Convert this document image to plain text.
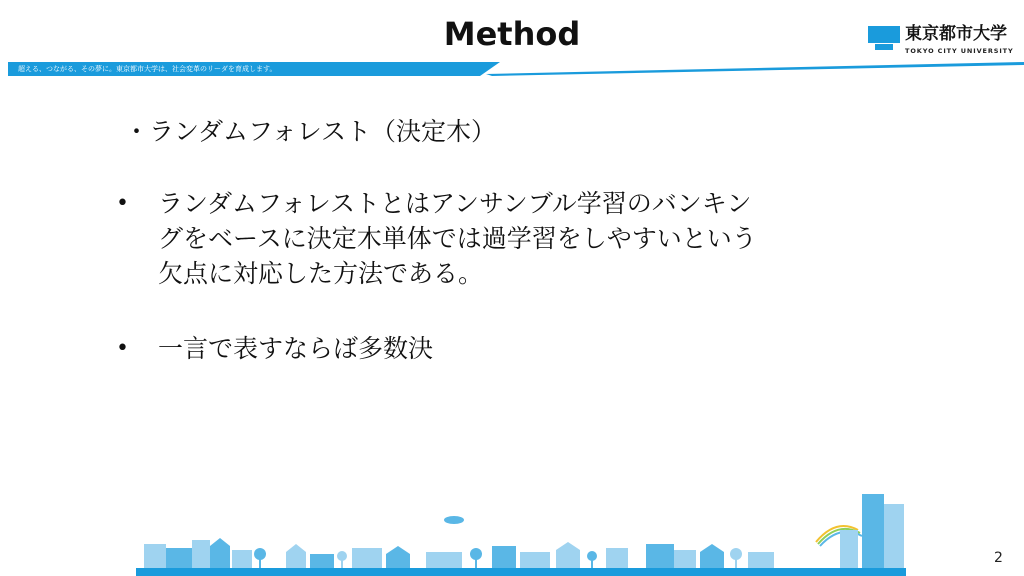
Method	東京都市大学
TOKYO CITY UNIVERSITY
超える、つながる、その夢に。東京都市大学は、社会変革のリーダを育成します。
・ランダムフォレスト（決定木）
• ランダムフォレストとはアンサンブル学習のバンキン
グをベースに決定木単体では過学習をしやすいという
欠点に対応した方法である。
• 一言で表すならば多数決
2
